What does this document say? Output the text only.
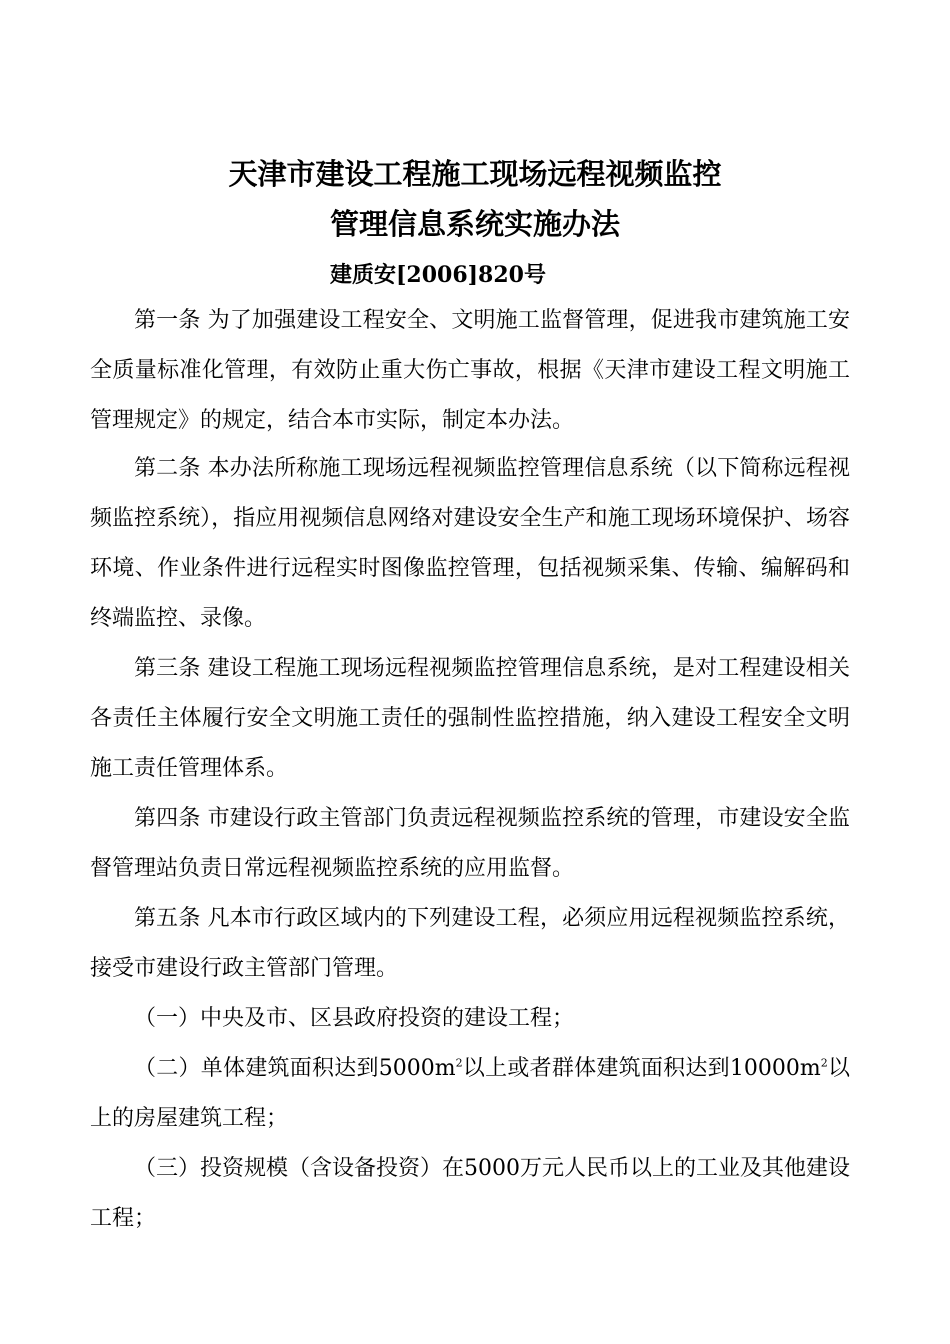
天津市建设工程施工现场远程视频监控
管理信息系统实施办法
建质安[2006]820号

第一条 为了加强建设工程安全、文明施工监督管理，促进我市建筑施工安全质量标准化管理，有效防止重大伤亡事故，根据《天津市建设工程文明施工管理规定》的规定，结合本市实际，制定本办法。

第二条 本办法所称施工现场远程视频监控管理信息系统（以下简称远程视频监控系统），指应用视频信息网络对建设安全生产和施工现场环境保护、场容环境、作业条件进行远程实时图像监控管理，包括视频采集、传输、编解码和终端监控、录像。

第三条 建设工程施工现场远程视频监控管理信息系统，是对工程建设相关各责任主体履行安全文明施工责任的强制性监控措施，纳入建设工程安全文明施工责任管理体系。

第四条 市建设行政主管部门负责远程视频监控系统的管理，市建设安全监督管理站负责日常远程视频监控系统的应用监督。

第五条 凡本市行政区域内的下列建设工程，必须应用远程视频监控系统，接受市建设行政主管部门管理。

（一）中央及市、区县政府投资的建设工程；

（二）单体建筑面积达到$5000m^2$以上或者群体建筑面积达到$10000m^2$以上的房屋建筑工程；

（三）投资规模（含设备投资）在5000万元人民币以上的工业及其他建设工程；
